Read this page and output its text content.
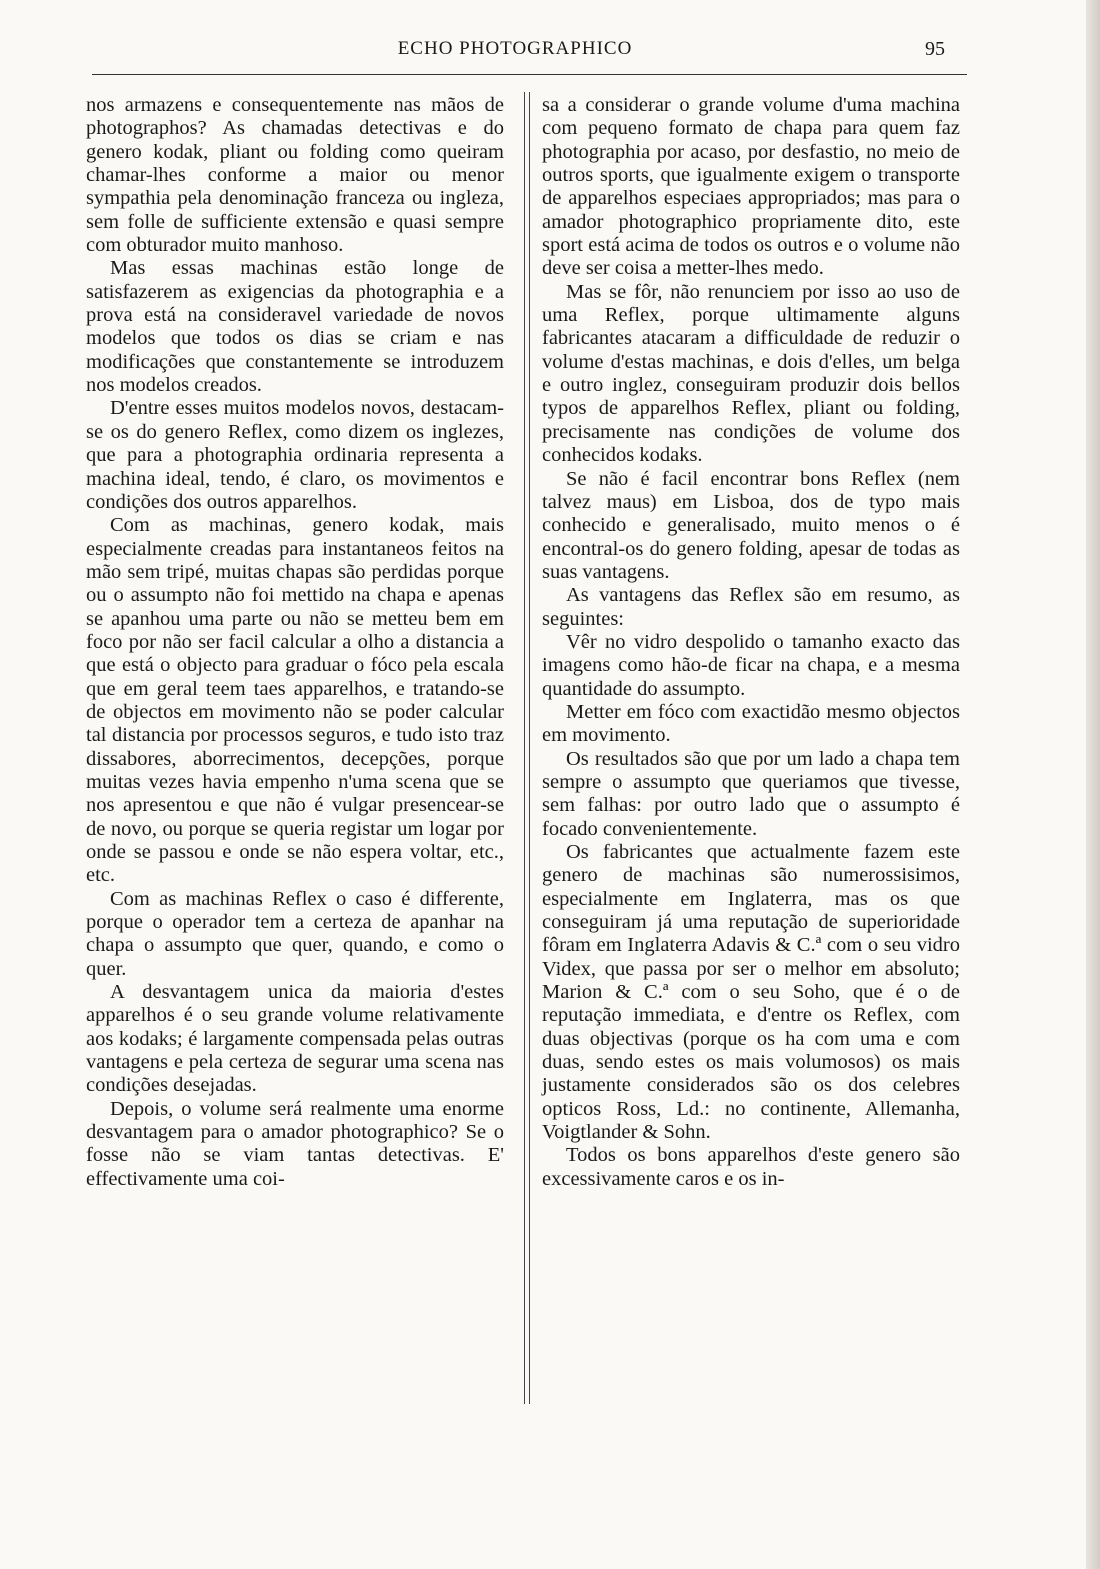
ECHO PHOTOGRAPHICO	95

nos armazens e consequentemente nas mãos de photographos? As chamadas detectivas e do genero kodak, pliant ou folding como queiram chamar-lhes conforme a maior ou menor sympathia pela denominação franceza ou ingleza, sem folle de sufficiente extensão e quasi sempre com obturador muito manhoso.

Mas essas machinas estão longe de satisfazerem as exigencias da photographia e a prova está na consideravel variedade de novos modelos que todos os dias se criam e nas modificações que constantemente se introduzem nos modelos creados.

D'entre esses muitos modelos novos, destacam-se os do genero Reflex, como dizem os inglezes, que para a photographia ordinaria representa a machina ideal, tendo, é claro, os movimentos e condições dos outros apparelhos.

Com as machinas, genero kodak, mais especialmente creadas para instantaneos feitos na mão sem tripé, muitas chapas são perdidas porque ou o assumpto não foi mettido na chapa e apenas se apanhou uma parte ou não se metteu bem em foco por não ser facil calcular a olho a distancia a que está o objecto para graduar o fóco pela escala que em geral teem taes apparelhos, e tratando-se de objectos em movimento não se poder calcular tal distancia por processos seguros, e tudo isto traz dissabores, aborrecimentos, decepções, porque muitas vezes havia empenho n'uma scena que se nos apresentou e que não é vulgar presencear-se de novo, ou porque se queria registar um logar por onde se passou e onde se não espera voltar, etc., etc.

Com as machinas Reflex o caso é differente, porque o operador tem a certeza de apanhar na chapa o assumpto que quer, quando, e como o quer.

A desvantagem unica da maioria d'estes apparelhos é o seu grande volume relativamente aos kodaks; é largamente compensada pelas outras vantagens e pela certeza de segurar uma scena nas condições desejadas.

Depois, o volume será realmente uma enorme desvantagem para o amador photographico? Se o fosse não se viam tantas detectivas. E' effectivamente uma coi-

sa a considerar o grande volume d'uma machina com pequeno formato de chapa para quem faz photographia por acaso, por desfastio, no meio de outros sports, que igualmente exigem o transporte de apparelhos especiaes appropriados; mas para o amador photographico propriamente dito, este sport está acima de todos os outros e o volume não deve ser coisa a metter-lhes medo.

Mas se fôr, não renunciem por isso ao uso de uma Reflex, porque ultimamente alguns fabricantes atacaram a difficuldade de reduzir o volume d'estas machinas, e dois d'elles, um belga e outro inglez, conseguiram produzir dois bellos typos de apparelhos Reflex, pliant ou folding, precisamente nas condições de volume dos conhecidos kodaks.

Se não é facil encontrar bons Reflex (nem talvez maus) em Lisboa, dos de typo mais conhecido e generalisado, muito menos o é encontral-os do genero folding, apesar de todas as suas vantagens.

As vantagens das Reflex são em resumo, as seguintes:

Vêr no vidro despolido o tamanho exacto das imagens como hão-de ficar na chapa, e a mesma quantidade do assumpto.

Metter em fóco com exactidão mesmo objectos em movimento.

Os resultados são que por um lado a chapa tem sempre o assumpto que queriamos que tivesse, sem falhas: por outro lado que o assumpto é focado convenientemente.

Os fabricantes que actualmente fazem este genero de machinas são numerossisimos, especialmente em Inglaterra, mas os que conseguiram já uma reputação de superioridade fôram em Inglaterra Adavis & C.ª com o seu vidro Videx, que passa por ser o melhor em absoluto; Marion & C.ª com o seu Soho, que é o de reputação immediata, e d'entre os Reflex, com duas objectivas (porque os ha com uma e com duas, sendo estes os mais volumosos) os mais justamente considerados são os dos celebres opticos Ross, Ld.: no continente, Allemanha, Voigtlander & Sohn.

Todos os bons apparelhos d'este genero são excessivamente caros e os in-
